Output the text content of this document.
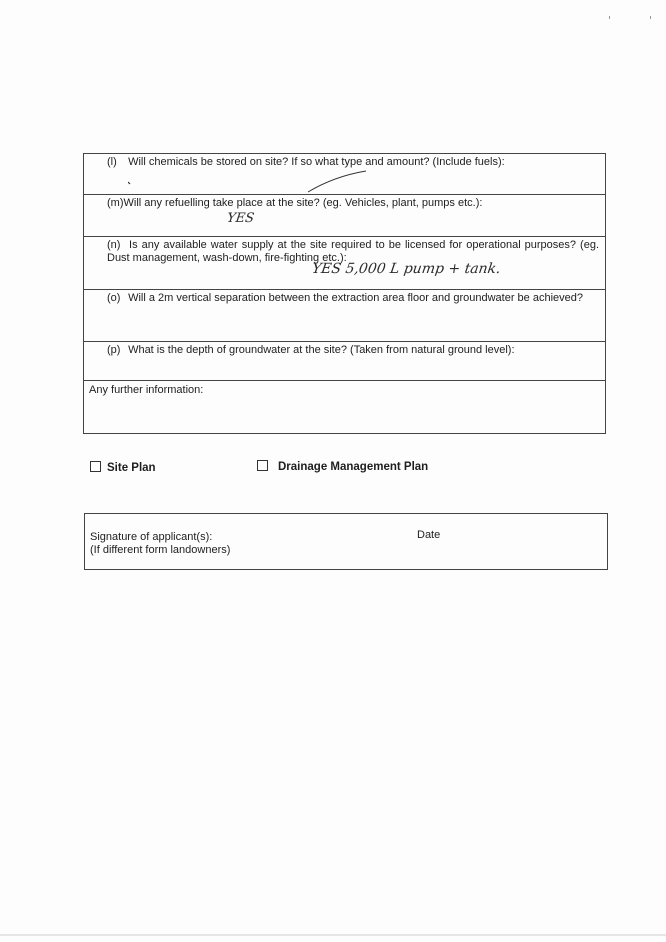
(l) Will chemicals be stored on site? If so what type and amount? (Include fuels):
(m)Will any refuelling take place at the site? (eg. Vehicles, plant, pumps etc.):
YES
(n) Is any available water supply at the site required to be licensed for operational purposes? (eg. Dust management, wash-down, fire-fighting etc.):
YES 5,000 L pump + tank.
(o) Will a 2m vertical separation between the extraction area floor and groundwater be achieved?
(p) What is the depth of groundwater at the site? (Taken from natural ground level):
Any further information:
Site Plan	Drainage Management Plan
Signature of applicant(s):
(If different form landowners)
Date
